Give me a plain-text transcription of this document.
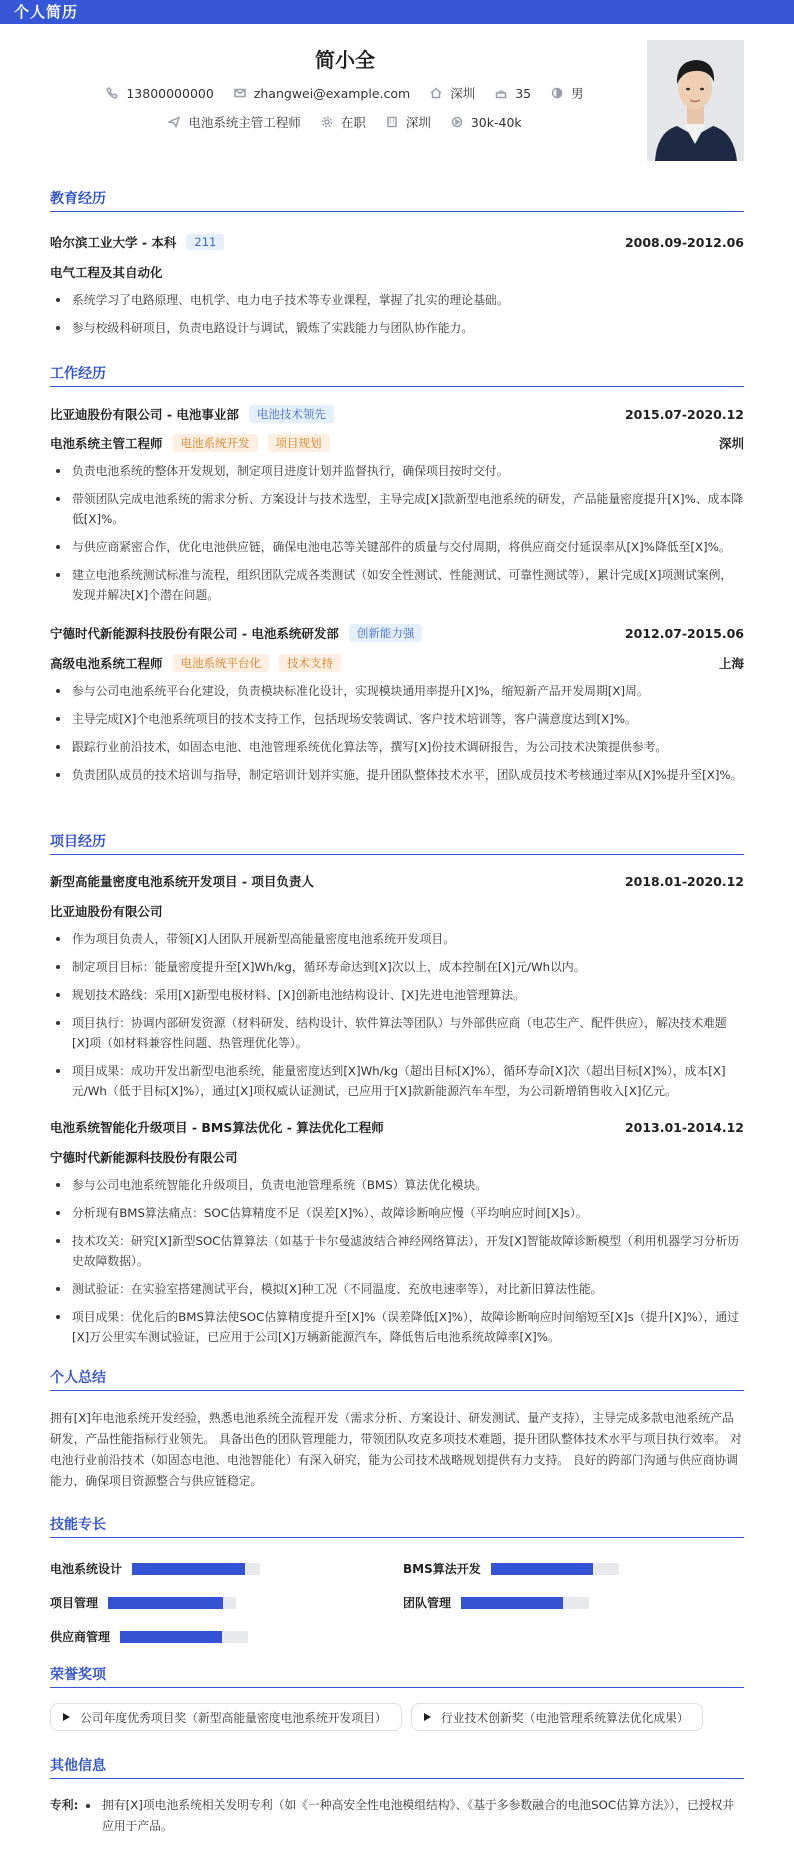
个人简历
简小全
13800000000	zhangwei@example.com	深圳	35	男
电池系统主管工程师	在职	深圳	30k-40k
教育经历
哈尔滨工业大学 - 本科	211	2008.09-2012.06
电气工程及其自动化
系统学习了电路原理、电机学、电力电子技术等专业课程，掌握了扎实的理论基础。
参与校级科研项目，负责电路设计与调试，锻炼了实践能力与团队协作能力。
工作经历
比亚迪股份有限公司 - 电池事业部	电池技术领先	2015.07-2020.12
电池系统主管工程师	电池系统开发	项目规划	深圳
负责电池系统的整体开发规划，制定项目进度计划并监督执行，确保项目按时交付。
带领团队完成电池系统的需求分析、方案设计与技术选型，主导完成[X]款新型电池系统的研发，产品能量密度提升[X]%、成本降低[X]%。
与供应商紧密合作，优化电池供应链，确保电池电芯等关键部件的质量与交付周期，将供应商交付延误率从[X]%降低至[X]%。
建立电池系统测试标准与流程，组织团队完成各类测试（如安全性测试、性能测试、可靠性测试等），累计完成[X]项测试案例，发现并解决[X]个潜在问题。
宁德时代新能源科技股份有限公司 - 电池系统研发部	创新能力强	2012.07-2015.06
高级电池系统工程师	电池系统平台化	技术支持	上海
参与公司电池系统平台化建设，负责模块标准化设计，实现模块通用率提升[X]%，缩短新产品开发周期[X]周。
主导完成[X]个电池系统项目的技术支持工作，包括现场安装调试、客户技术培训等，客户满意度达到[X]%。
跟踪行业前沿技术，如固态电池、电池管理系统优化算法等，撰写[X]份技术调研报告，为公司技术决策提供参考。
负责团队成员的技术培训与指导，制定培训计划并实施，提升团队整体技术水平，团队成员技术考核通过率从[X]%提升至[X]%。
项目经历
新型高能量密度电池系统开发项目 - 项目负责人	2018.01-2020.12
比亚迪股份有限公司
作为项目负责人，带领[X]人团队开展新型高能量密度电池系统开发项目。
制定项目目标：能量密度提升至[X]Wh/kg，循环寿命达到[X]次以上，成本控制在[X]元/Wh以内。
规划技术路线：采用[X]新型电极材料、[X]创新电池结构设计、[X]先进电池管理算法。
项目执行：协调内部研发资源（材料研发、结构设计、软件算法等团队）与外部供应商（电芯生产、配件供应），解决技术难题[X]项（如材料兼容性问题、热管理优化等）。
项目成果：成功开发出新型电池系统，能量密度达到[X]Wh/kg（超出目标[X]%），循环寿命[X]次（超出目标[X]%），成本[X]元/Wh（低于目标[X]%），通过[X]项权威认证测试，已应用于[X]款新能源汽车车型，为公司新增销售收入[X]亿元。
电池系统智能化升级项目 - BMS算法优化 - 算法优化工程师	2013.01-2014.12
宁德时代新能源科技股份有限公司
参与公司电池系统智能化升级项目，负责电池管理系统（BMS）算法优化模块。
分析现有BMS算法痛点：SOC估算精度不足（误差[X]%）、故障诊断响应慢（平均响应时间[X]s）。
技术攻关：研究[X]新型SOC估算算法（如基于卡尔曼滤波结合神经网络算法），开发[X]智能故障诊断模型（利用机器学习分析历史故障数据）。
测试验证：在实验室搭建测试平台，模拟[X]种工况（不同温度、充放电速率等），对比新旧算法性能。
项目成果：优化后的BMS算法使SOC估算精度提升至[X]%（误差降低[X]%），故障诊断响应时间缩短至[X]s（提升[X]%），通过[X]万公里实车测试验证，已应用于公司[X]万辆新能源汽车，降低售后电池系统故障率[X]%。
个人总结
拥有[X]年电池系统开发经验，熟悉电池系统全流程开发（需求分析、方案设计、研发测试、量产支持），主导完成多款电池系统产品研发，产品性能指标行业领先。 具备出色的团队管理能力，带领团队攻克多项技术难题，提升团队整体技术水平与项目执行效率。 对电池行业前沿技术（如固态电池、电池智能化）有深入研究，能为公司技术战略规划提供有力支持。 良好的跨部门沟通与供应商协调能力，确保项目资源整合与供应链稳定。
技能专长
电池系统设计	BMS算法开发
项目管理	团队管理
供应商管理
荣誉奖项
公司年度优秀项目奖（新型高能量密度电池系统开发项目）	行业技术创新奖（电池管理系统算法优化成果）
其他信息
专利:	拥有[X]项电池系统相关发明专利（如《一种高安全性电池模组结构》、《基于多参数融合的电池SOC估算方法》），已授权并应用于产品。
